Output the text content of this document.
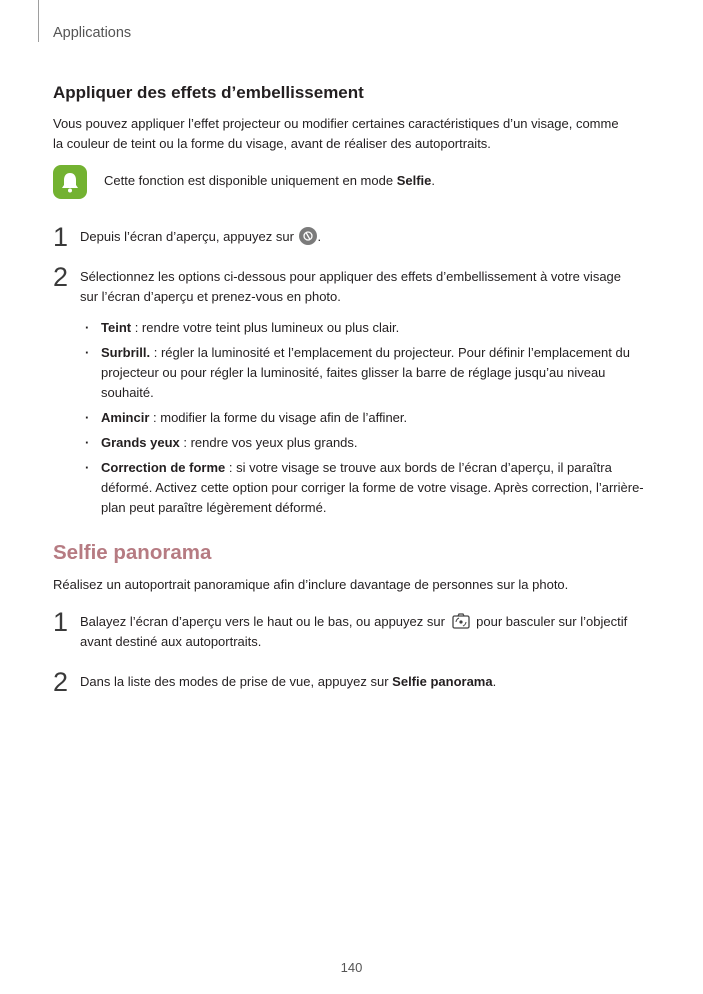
Applications
Appliquer des effets d’embellissement
Vous pouvez appliquer l’effet projecteur ou modifier certaines caractéristiques d’un visage, comme
la couleur de teint ou la forme du visage, avant de réaliser des autoportraits.
Cette fonction est disponible uniquement en mode Selfie.
1 Depuis l’écran d’aperçu, appuyez sur
.
2 Sélectionnez les options ci-dessous pour appliquer des effets d’embellissement à votre visage
sur l’écran d’aperçu et prenez-vous en photo.
· Teint : rendre votre teint plus lumineux ou plus clair.
· Surbrill. : régler la luminosité et l’emplacement du projecteur. Pour définir l’emplacement du projecteur ou pour régler la luminosité, faites glisser la barre de réglage jusqu’au niveau souhaité.
· Amincir : modifier la forme du visage afin de l’affiner.
· Grands yeux : rendre vos yeux plus grands.
· Correction de forme : si votre visage se trouve aux bords de l’écran d’aperçu, il paraîtra déformé. Activez cette option pour corriger la forme de votre visage. Après correction, l’arrière-plan peut paraître légèrement déformé.
Selfie panorama
Réalisez un autoportrait panoramique afin d’inclure davantage de personnes sur la photo.
1 Balayez l’écran d’aperçu vers le haut ou le bas, ou appuyez sur  pour basculer sur l’objectif
avant destiné aux autoportraits.
2 Dans la liste des modes de prise de vue, appuyez sur Selfie panorama.
140
